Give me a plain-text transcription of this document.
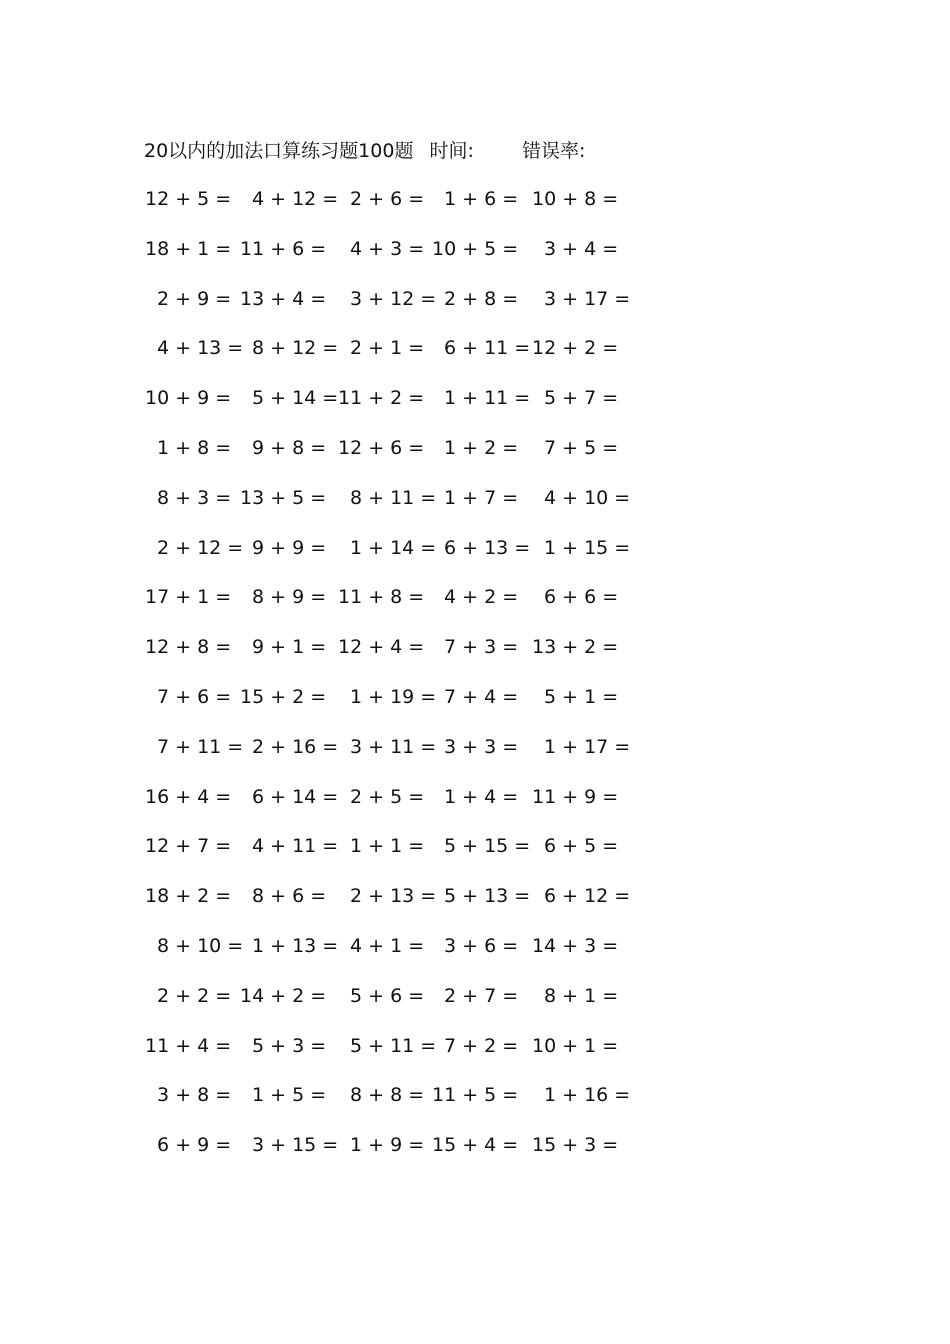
20以内的加法口算练习题100题 时间:	错误率:
12 + 5 = 4 + 12 = 2 + 6 = 1 + 6 = 10 + 8 =
18 + 1 = 11 + 6 = 4 + 3 = 10 + 5 = 3 + 4 =
2 + 9 = 13 + 4 = 3 + 12 = 2 + 8 = 3 + 17 =
4 + 13 = 8 + 12 = 2 + 1 = 6 + 11 = 12 + 2 =
10 + 9 = 5 + 14 = 11 + 2 = 1 + 11 = 5 + 7 =
1 + 8 = 9 + 8 = 12 + 6 = 1 + 2 = 7 + 5 =
8 + 3 = 13 + 5 = 8 + 11 = 1 + 7 = 4 + 10 =
2 + 12 = 9 + 9 = 1 + 14 = 6 + 13 = 1 + 15 =
17 + 1 = 8 + 9 = 11 + 8 = 4 + 2 = 6 + 6 =
12 + 8 = 9 + 1 = 12 + 4 = 7 + 3 = 13 + 2 =
7 + 6 = 15 + 2 = 1 + 19 = 7 + 4 = 5 + 1 =
7 + 11 = 2 + 16 = 3 + 11 = 3 + 3 = 1 + 17 =
16 + 4 = 6 + 14 = 2 + 5 = 1 + 4 = 11 + 9 =
12 + 7 = 4 + 11 = 1 + 1 = 5 + 15 = 6 + 5 =
18 + 2 = 8 + 6 = 2 + 13 = 5 + 13 = 6 + 12 =
8 + 10 = 1 + 13 = 4 + 1 = 3 + 6 = 14 + 3 =
2 + 2 = 14 + 2 = 5 + 6 = 2 + 7 = 8 + 1 =
11 + 4 = 5 + 3 = 5 + 11 = 7 + 2 = 10 + 1 =
3 + 8 = 1 + 5 = 8 + 8 = 11 + 5 = 1 + 16 =
6 + 9 = 3 + 15 = 1 + 9 = 15 + 4 = 15 + 3 =
